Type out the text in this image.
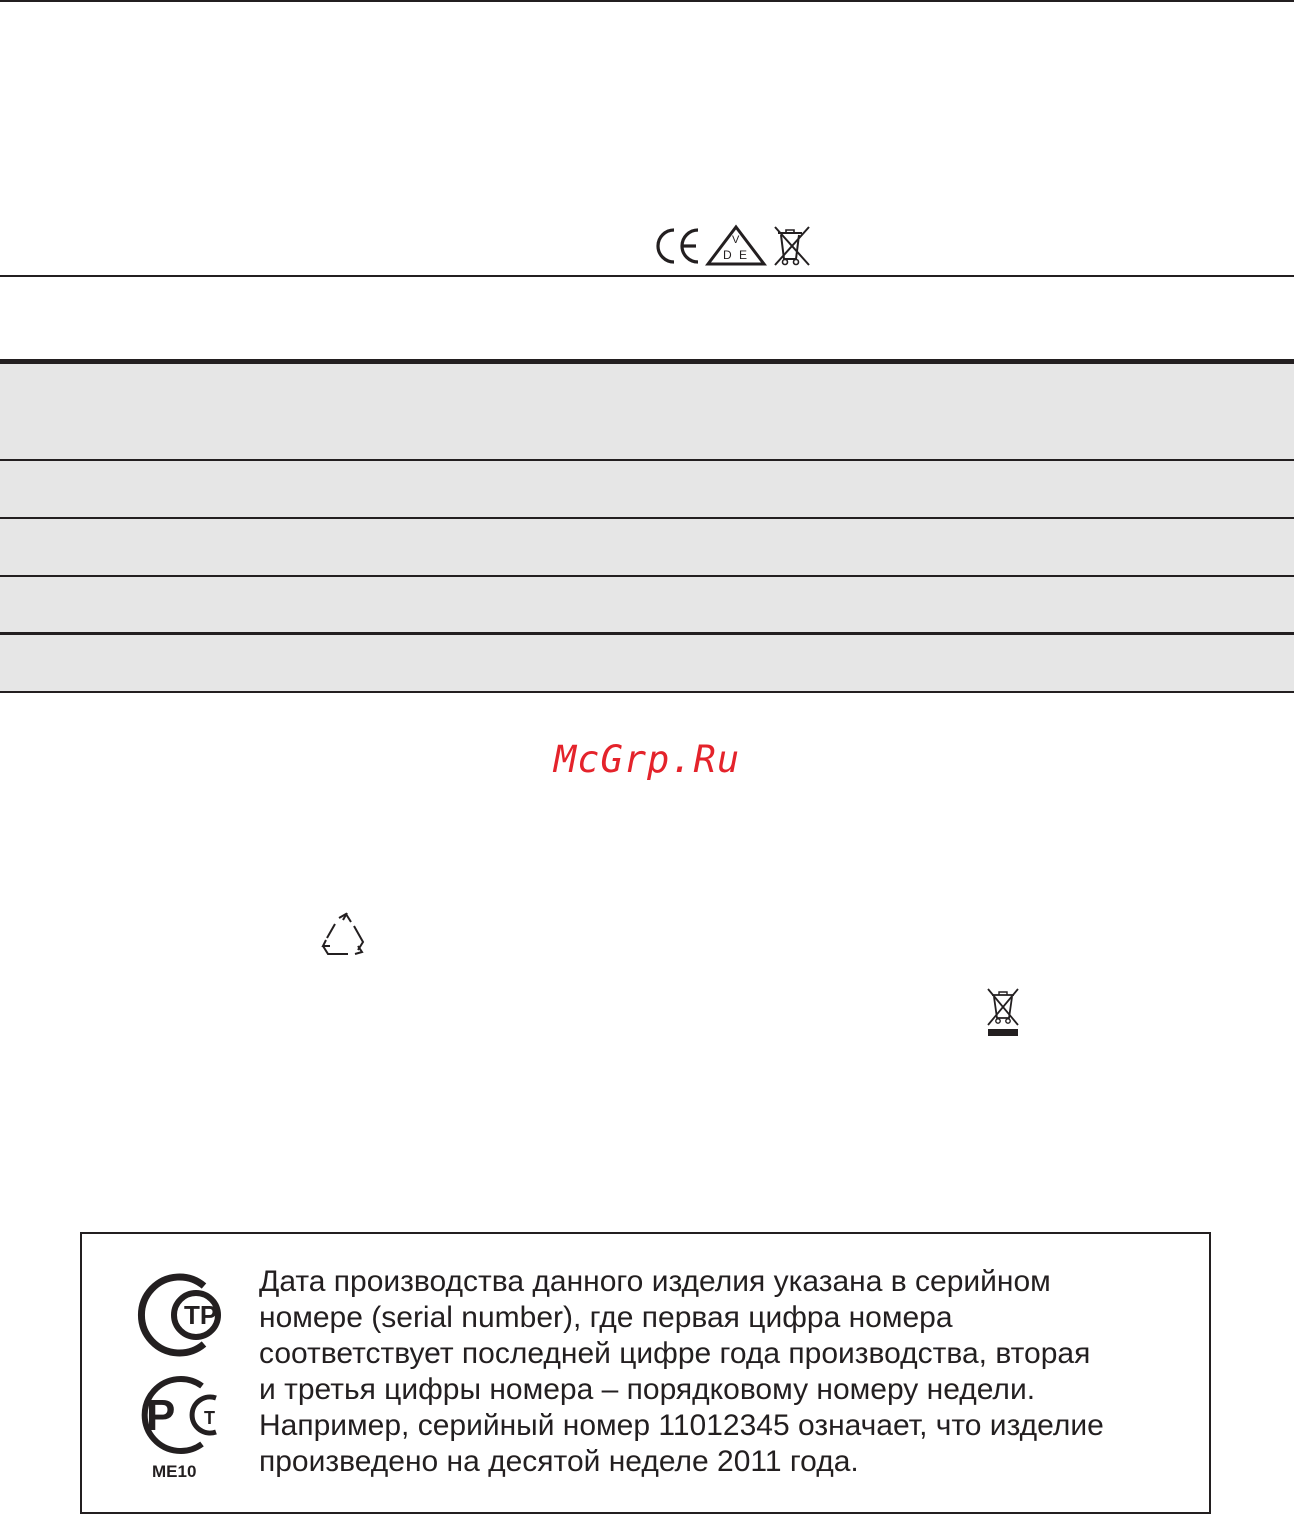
V
D E
McGrp.Ru
ТР
Р Т
ME10
Дата производства данного изделия указана в серийном
номере (serial number), где первая цифра номера
соответствует последней цифре года производства, вторая
и третья цифры номера – порядковому номеру недели.
Например, серийный номер 11012345 означает, что изделие
произведено на десятой неделе 2011 года.
